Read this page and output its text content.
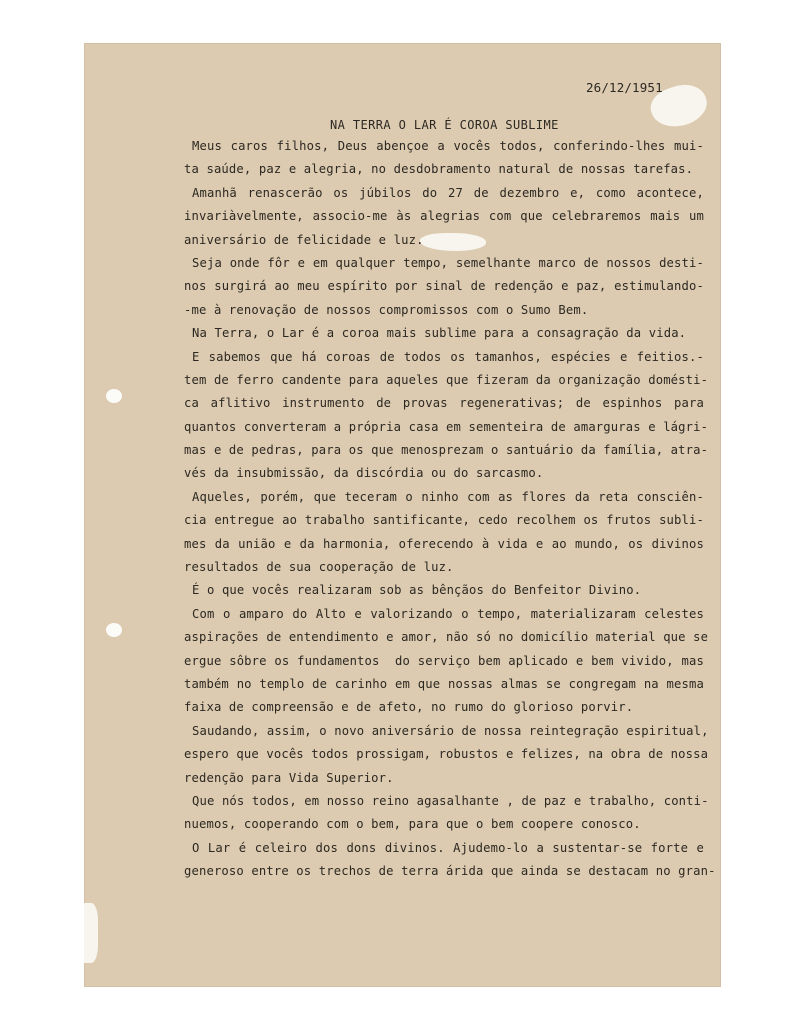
26/12/1951
NA TERRA O LAR É COROA SUBLIME
Meus caros filhos, Deus abençoe a vocês todos, conferindo-lhes mui-
ta saúde, paz e alegria, no desdobramento natural de nossas tarefas.
Amanhã renascerão os júbilos do 27 de dezembro e, como acontece,
invariàvelmente, associo-me às alegrias com que celebraremos mais um
aniversário de felicidade e luz.
Seja onde fôr e em qualquer tempo, semelhante marco de nossos desti-
nos surgirá ao meu espírito por sinal de redenção e paz, estimulando-
-me à renovação de nossos compromissos com o Sumo Bem.
Na Terra, o Lar é a coroa mais sublime para a consagração da vida.
E sabemos que há coroas de todos os tamanhos, espécies e feitios.-
tem de ferro candente para aqueles que fizeram da organização domésti-
ca aflitivo instrumento de provas regenerativas; de espinhos para
quantos converteram a própria casa em sementeira de amarguras e lágri-
mas e de pedras, para os que menosprezam o santuário da família, atra-
vés da insubmissão, da discórdia ou do sarcasmo.
Aqueles, porém, que teceram o ninho com as flores da reta consciên-
cia entregue ao trabalho santificante, cedo recolhem os frutos subli-
mes da união e da harmonia, oferecendo à vida e ao mundo, os divinos
resultados de sua cooperação de luz.
É o que vocês realizaram sob as bênçãos do Benfeitor Divino.
Com o amparo do Alto e valorizando o tempo, materializaram celestes
aspirações de entendimento e amor, não só no domicílio material que se
ergue sôbre os fundamentos  do serviço bem aplicado e bem vivido, mas
também no templo de carinho em que nossas almas se congregam na mesma
faixa de compreensão e de afeto, no rumo do glorioso porvir.
Saudando, assim, o novo aniversário de nossa reintegração espiritual,
espero que vocês todos prossigam, robustos e felizes, na obra de nossa
redenção para Vida Superior.
Que nós todos, em nosso reino agasalhante , de paz e trabalho, conti-
nuemos, cooperando com o bem, para que o bem coopere conosco.
O Lar é celeiro dos dons divinos. Ajudemo-lo a sustentar-se forte e
generoso entre os trechos de terra árida que ainda se destacam no gran-
